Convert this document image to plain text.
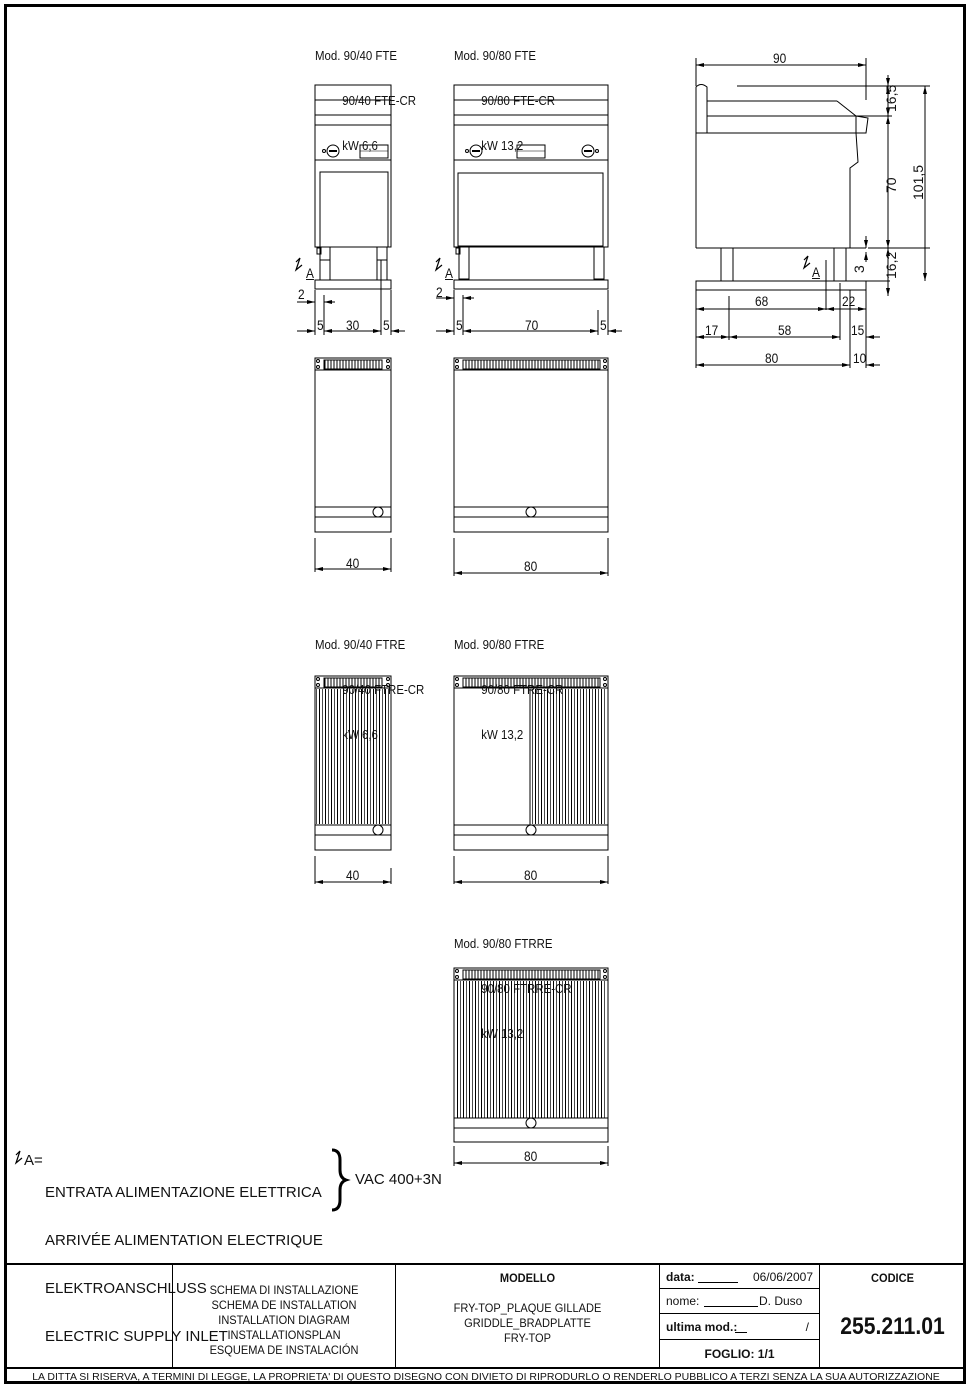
Mod. 90/40 FTE

90/40 FTE-CR

kW 6,6

Mod. 90/80 FTE

90/80 FTE-CR

kW 13,2

Mod. 90/40 FTRE

90/40 FTRE-CR

kW 6,6

Mod. 90/80 FTRE

90/80 FTRE-CR

kW 13,2

Mod. 90/80 FTRRE

90/80 FTRRE-CR

kW 13,2

A
2
5 30 5
A
2
5	70	5
90
16,5
70 101,5
16,2
3
A
68	22
17	58	15
80	10
40	80
40	80
80
A=

ENTRATA ALIMENTAZIONE ELETTRICA

ARRIVÉE ALIMENTATION ELECTRIQUE

ELEKTROANSCHLUSS

ELECTRIC SUPPLY INLET

VAC 400+3N
SCHEMA DI INSTALLAZIONE
SCHEMA DE INSTALLATION
INSTALLATION DIAGRAM
INSTALLATIONSPLAN
ESQUEMA DE INSTALACIÓN
MODELLO
FRY-TOP_PLAQUE GILLADE
GRIDDLE_BRADPLATTE
FRY-TOP
data:	06/06/2007
nome:	D. Duso
ultima mod.:	/
FOGLIO: 1/1
CODICE
255.211.01
LA DITTA SI RISERVA, A TERMINI DI LEGGE, LA PROPRIETA' DI QUESTO DISEGNO CON DIVIETO DI RIPRODURLO O RENDERLO PUBBLICO A TERZI SENZA LA SUA AUTORIZZAZIONE
